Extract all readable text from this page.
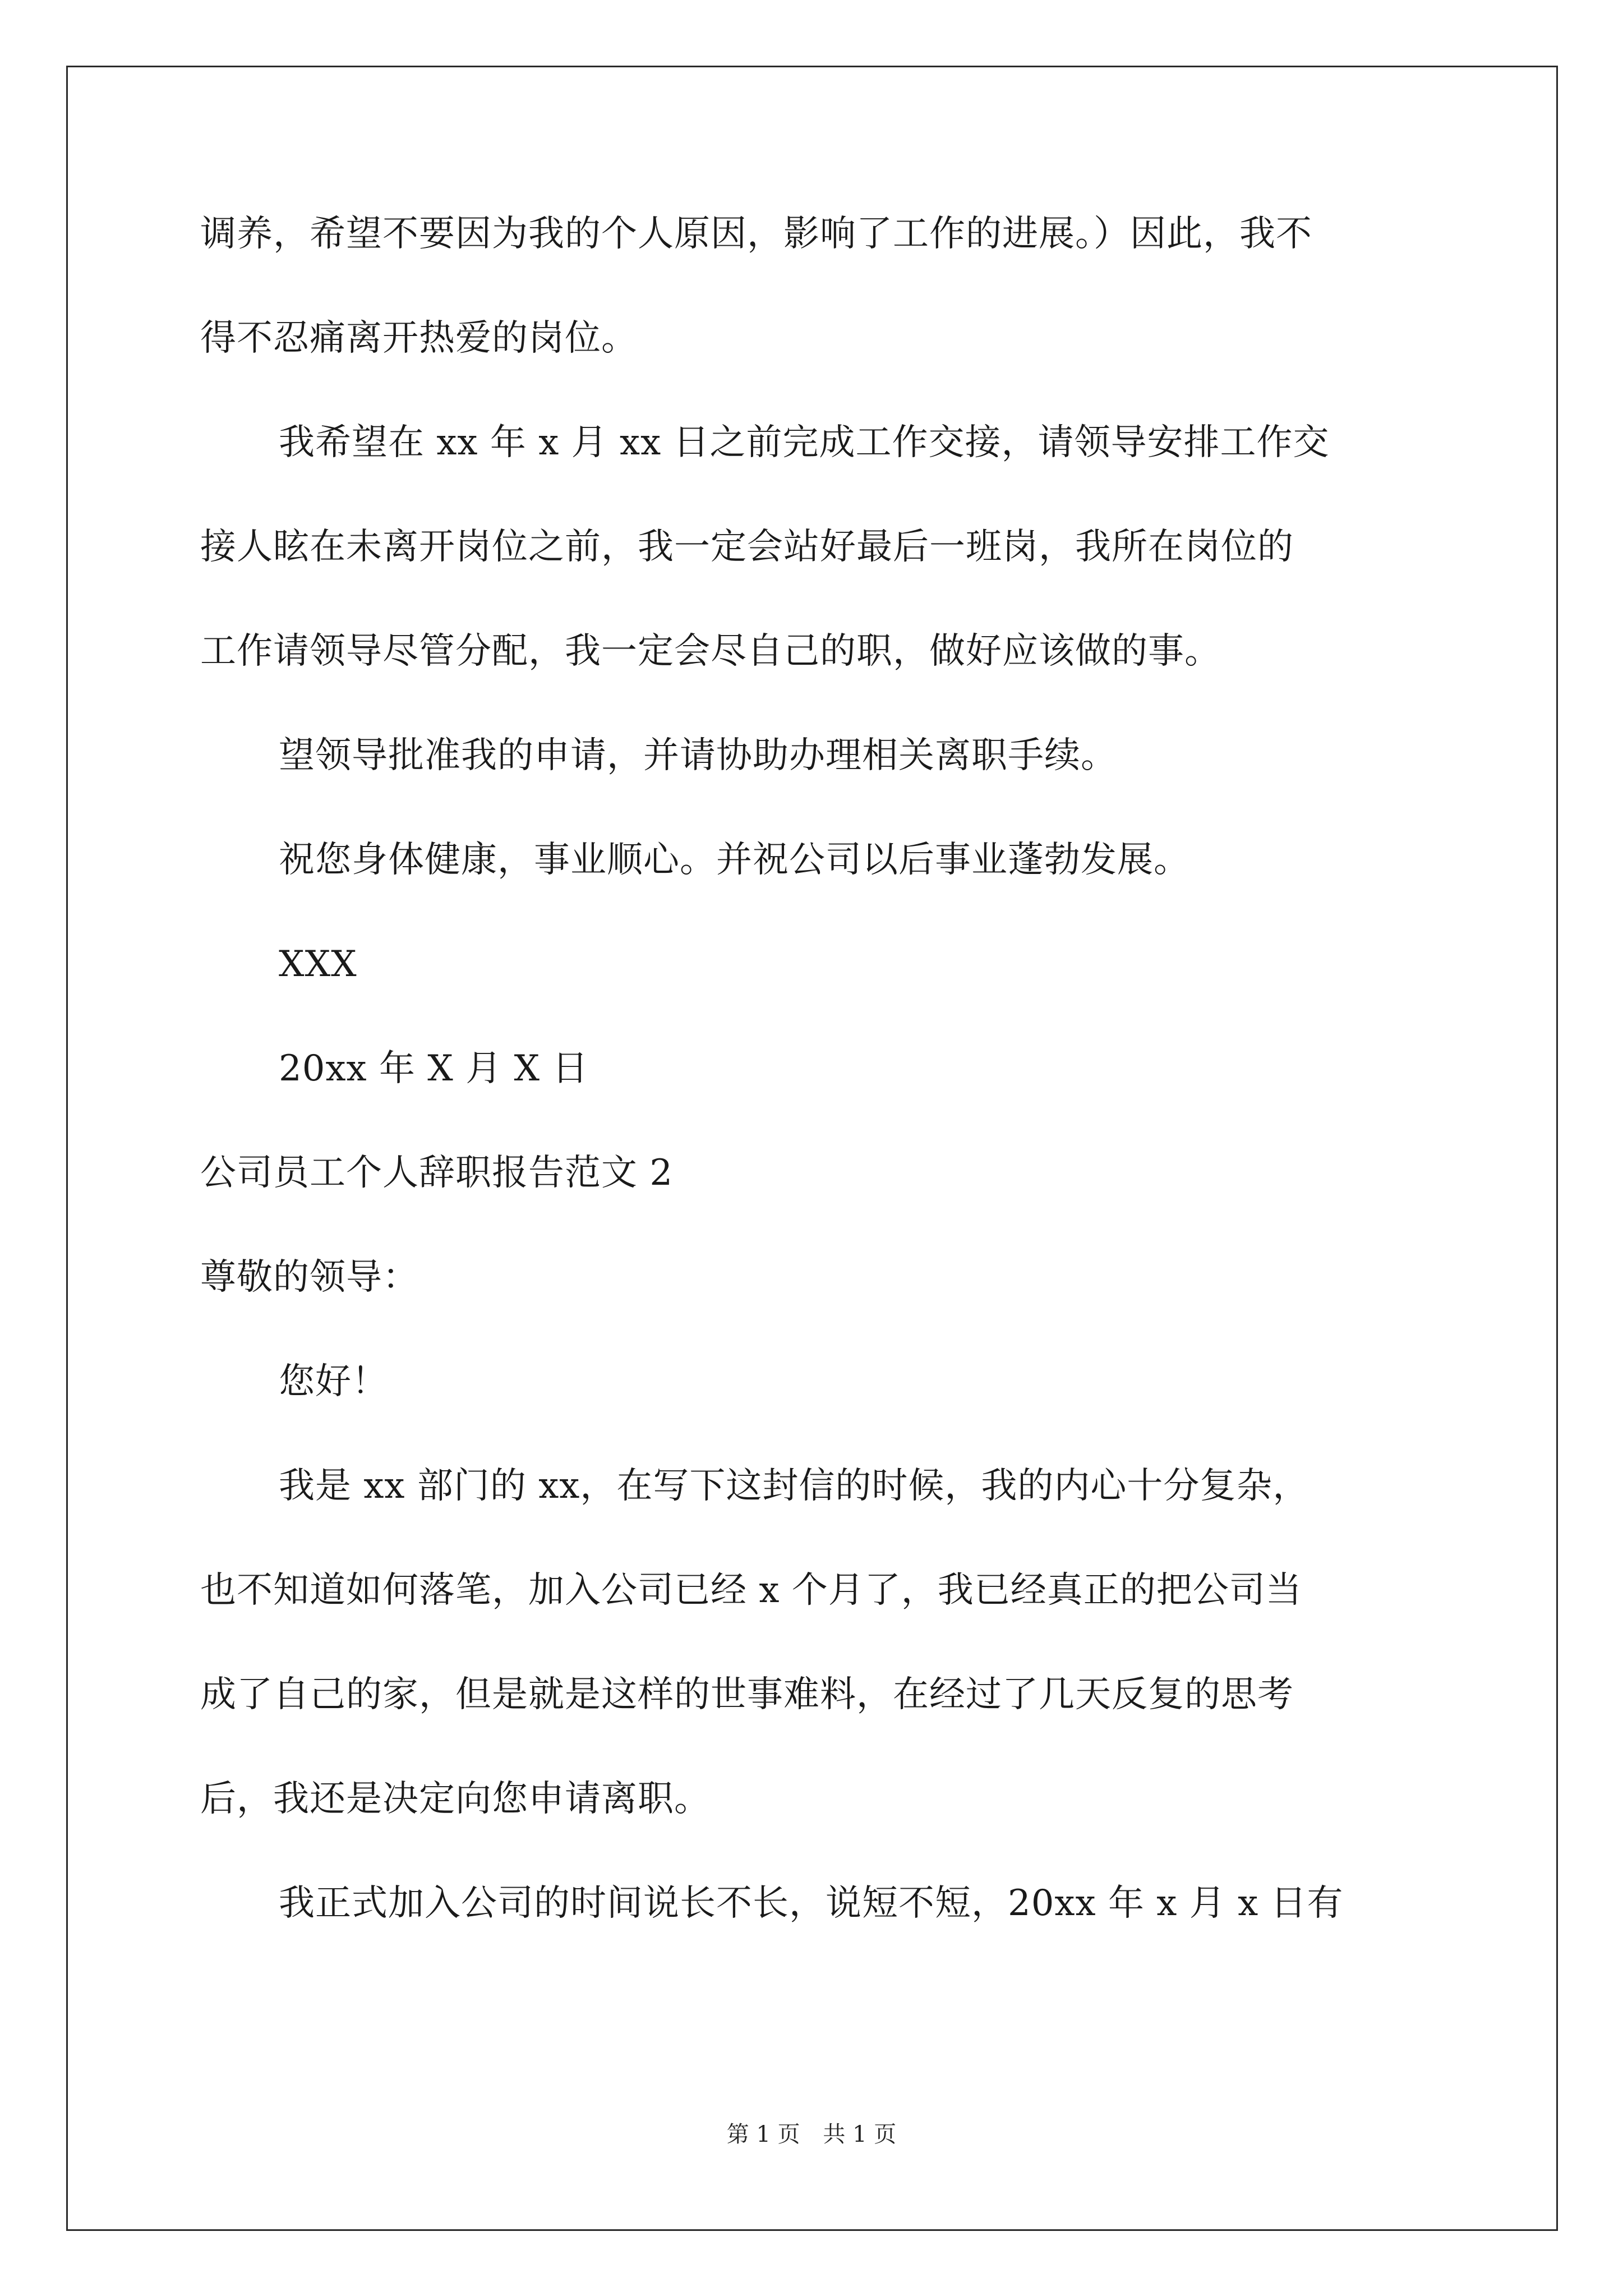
调养，希望不要因为我的个人原因，影响了工作的进展。）因此，我不
得不忍痛离开热爱的岗位。
我希望在 xx 年 x 月 xx 日之前完成工作交接，请领导安排工作交
接人眩在未离开岗位之前，我一定会站好最后一班岗，我所在岗位的
工作请领导尽管分配，我一定会尽自己的职，做好应该做的事。
望领导批准我的申请，并请协助办理相关离职手续。
祝您身体健康，事业顺心。并祝公司以后事业蓬勃发展。
XXX
20xx 年 X 月 X 日
公司员工个人辞职报告范文 2
尊敬的领导：
您好！
我是 xx 部门的 xx，在写下这封信的时候，我的内心十分复杂，
也不知道如何落笔，加入公司已经 x 个月了，我已经真正的把公司当
成了自己的家，但是就是这样的世事难料，在经过了几天反复的思考
后，我还是决定向您申请离职。
我正式加入公司的时间说长不长，说短不短，20xx 年 x 月 x 日有
第 1 页 共 1 页
